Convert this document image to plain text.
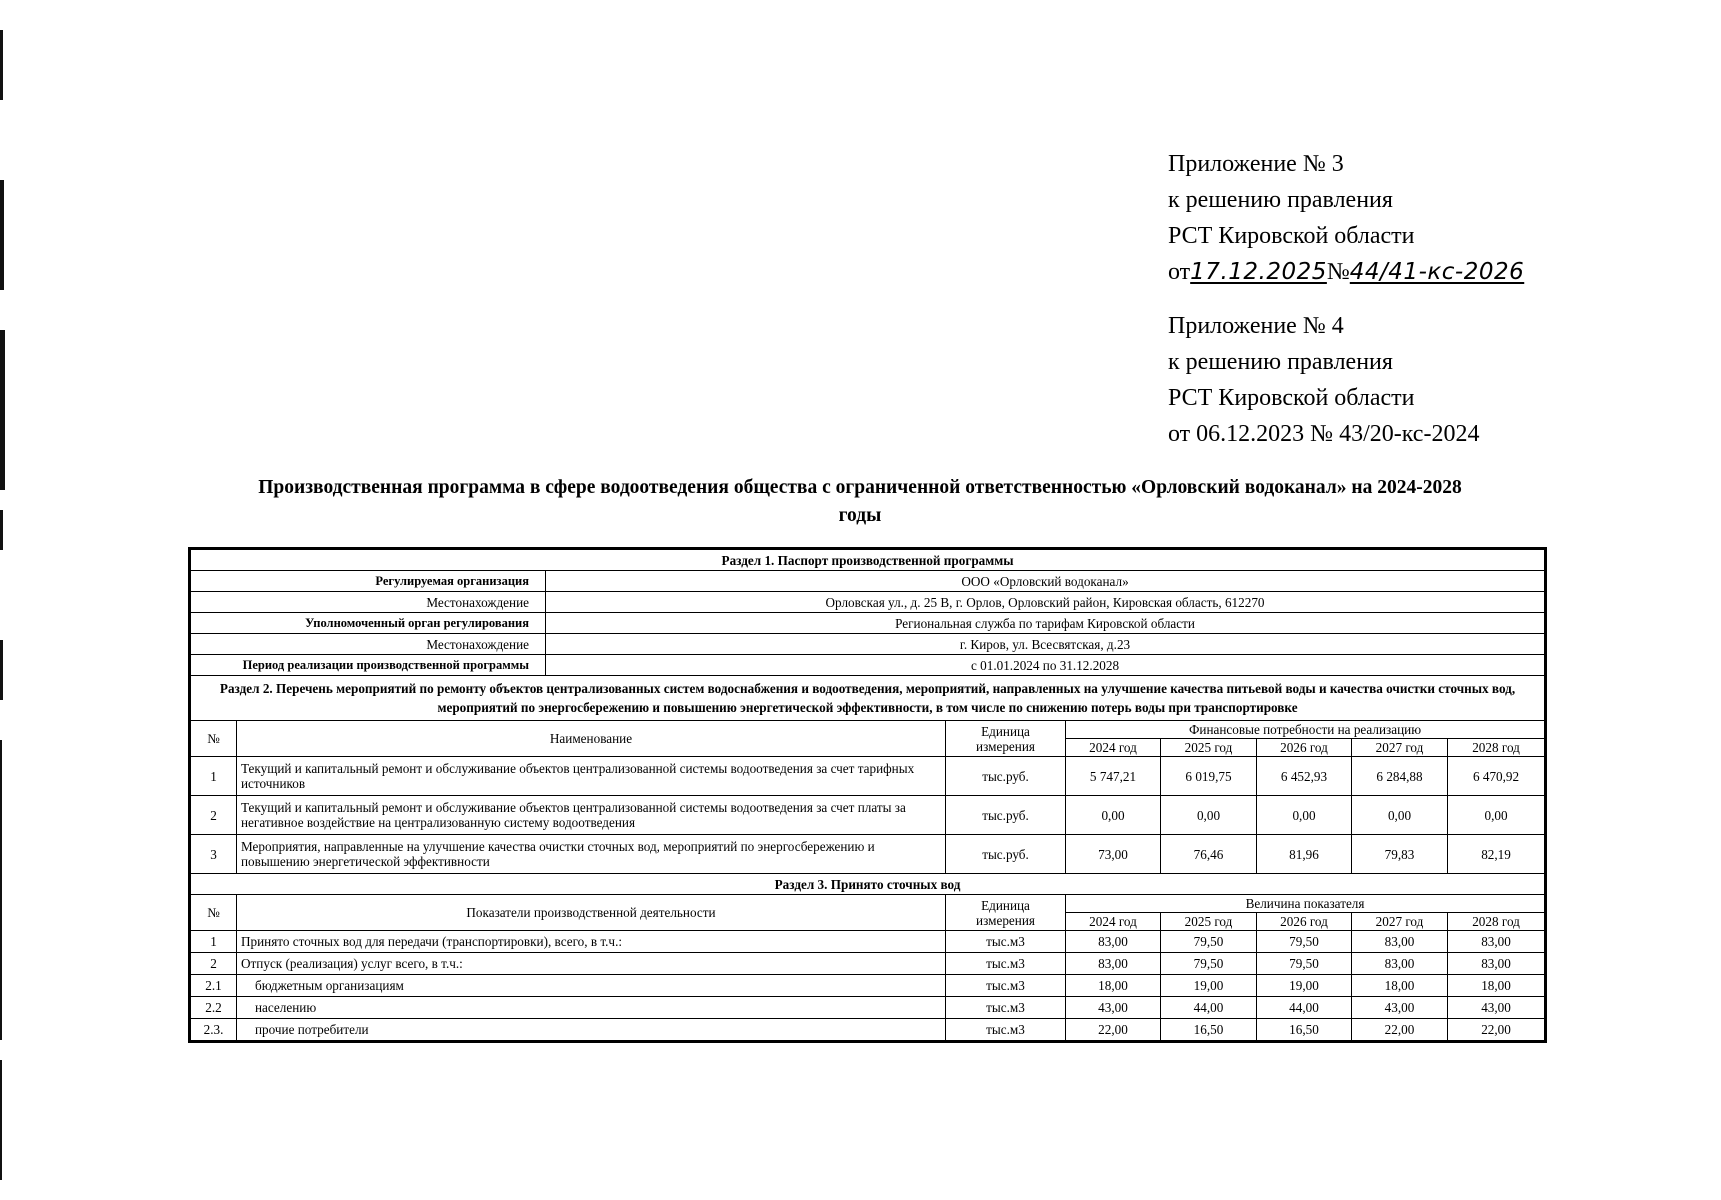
Приложение № 3
к решению правления
РСТ Кировской области
от17.12.2025№44/41-кс-2026
Приложение № 4
к решению правления
РСТ Кировской области
от 06.12.2023 № 43/20-кс-2024
Производственная программа в сфере водоотведения общества с ограниченной ответственностью «Орловский водоканал» на 2024-2028
годы
Раздел 1. Паспорт производственной программы								
Регулируемая организация		ООО «Орловский водоканал»						
Местонахождение		Орловская ул., д. 25 В, г. Орлов, Орловский район, Кировская область, 612270						
Уполномоченный орган регулирования		Региональная служба по тарифам Кировской области						
Местонахождение		г. Киров, ул. Всесвятская, д.23						
Период реализации производственной программы		с 01.01.2024 по 31.12.2028						
Раздел 2. Перечень мероприятий по ремонту объектов централизованных систем водоснабжения и водоотведения, мероприятий, направленных на улучшение качества питьевой воды и качества очистки сточных вод, мероприятий по энергосбережению и повышению энергетической эффективности, в том числе по снижению потерь воды при транспортировке								
№	Наименование		Единица измерения	Финансовые потребности на реализацию				
				2024 год	2025 год	2026 год	2027 год	2028 год
1	Текущий и капитальный ремонт и обслуживание объектов централизованной системы водоотведения за счет тарифных источников		тыс.руб.	5 747,21	6 019,75	6 452,93	6 284,88	6 470,92
2	Текущий и капитальный ремонт и обслуживание объектов централизованной системы водоотведения за счет платы за негативное воздействие на централизованную систему водоотведения		тыс.руб.	0,00	0,00	0,00	0,00	0,00
3	Мероприятия, направленные на улучшение качества очистки сточных вод, мероприятий по энергосбережению и повышению энергетической эффективности		тыс.руб.	73,00	76,46	81,96	79,83	82,19
Раздел 3. Принято сточных вод								
№	Показатели производственной деятельности		Единица измерения	Величина показателя				
				2024 год	2025 год	2026 год	2027 год	2028 год
1	Принято сточных вод для передачи (транспортировки), всего, в т.ч.:		тыс.м3	83,00	79,50	79,50	83,00	83,00
2	Отпуск (реализация) услуг всего, в т.ч.:		тыс.м3	83,00	79,50	79,50	83,00	83,00
2.1	бюджетным организациям		тыс.м3	18,00	19,00	19,00	18,00	18,00
2.2	населению		тыс.м3	43,00	44,00	44,00	43,00	43,00
2.3.	прочие потребители		тыс.м3	22,00	16,50	16,50	22,00	22,00
